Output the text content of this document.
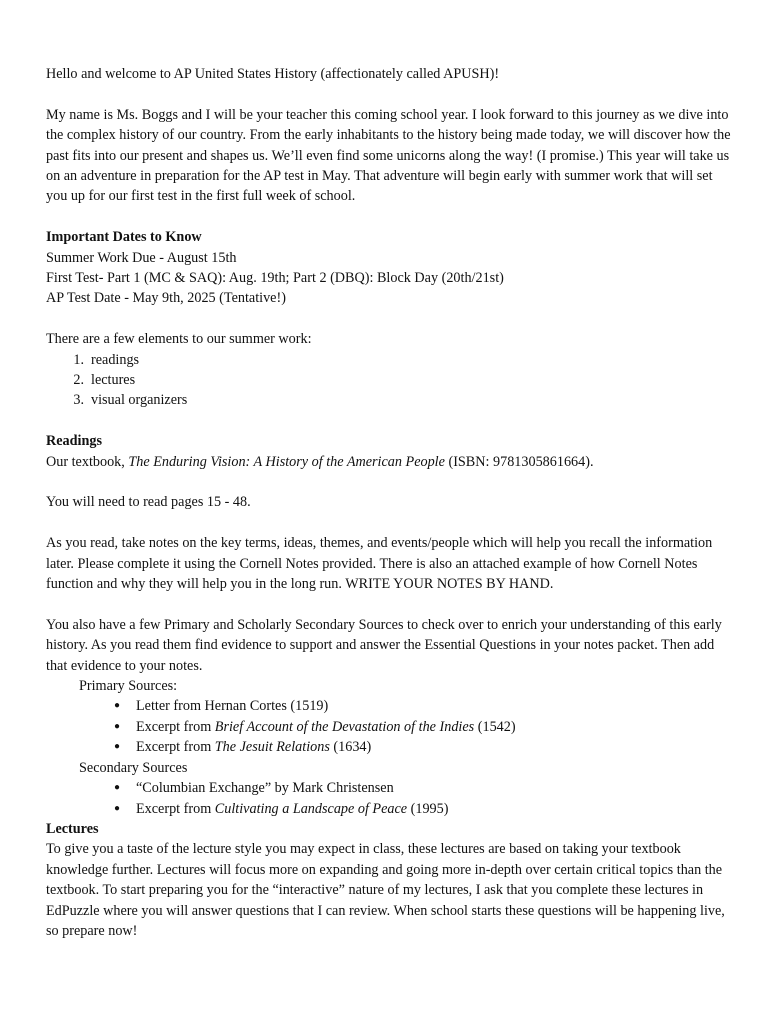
Hello and welcome to AP United States History (affectionately called APUSH)!

My name is Ms. Boggs and I will be your teacher this coming school year. I look forward to this journey as we dive into the complex history of our country. From the early inhabitants to the history being made today, we will discover how the past fits into our present and shapes us. We’ll even find some unicorns along the way! (I promise.) This year will take us on an adventure in preparation for the AP test in May. That adventure will begin early with summer work that will set you up for our first test in the first full week of school.

Important Dates to Know
Summer Work Due - August 15th
First Test- Part 1 (MC & SAQ): Aug. 19th; Part 2 (DBQ): Block Day (20th/21st)
AP Test Date - May 9th, 2025 (Tentative!)

There are a few elements to our summer work:
1. readings
2. lectures
3. visual organizers

Readings
Our textbook, The Enduring Vision: A History of the American People (ISBN: 9781305861664).

You will need to read pages 15 - 48.

As you read, take notes on the key terms, ideas, themes, and events/people which will help you recall the information later. Please complete it using the Cornell Notes provided. There is also an attached example of how Cornell Notes function and why they will help you in the long run. WRITE YOUR NOTES BY HAND.

You also have a few Primary and Scholarly Secondary Sources to check over to enrich your understanding of this early history. As you read them find evidence to support and answer the Essential Questions in your notes packet. Then add that evidence to your notes.

Primary Sources:
● Letter from Hernan Cortes (1519)
● Excerpt from Brief Account of the Devastation of the Indies (1542)
● Excerpt from The Jesuit Relations (1634)
Secondary Sources
● “Columbian Exchange” by Mark Christensen
● Excerpt from Cultivating a Landscape of Peace (1995)
Lectures
To give you a taste of the lecture style you may expect in class, these lectures are based on taking your textbook knowledge further. Lectures will focus more on expanding and going more in-depth over certain critical topics than the textbook. To start preparing you for the “interactive” nature of my lectures, I ask that you complete these lectures in EdPuzzle where you will answer questions that I can review. When school starts these questions will be happening live, so prepare now!
